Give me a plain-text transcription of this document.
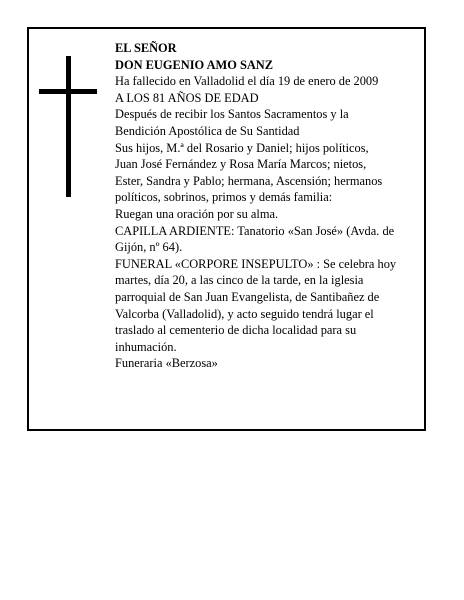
EL SEÑOR
DON EUGENIO AMO SANZ
Ha fallecido en Valladolid el día 19 de enero de 2009
A LOS 81 AÑOS DE EDAD
Después de recibir los Santos Sacramentos y la
Bendición Apostólica de Su Santidad
Sus hijos, M.ª del Rosario y Daniel; hijos políticos,
Juan José Fernández y Rosa María Marcos; nietos,
Ester, Sandra y Pablo; hermana, Ascensión; hermanos
políticos, sobrinos, primos y demás familia:
Ruegan una oración por su alma.
CAPILLA ARDIENTE: Tanatorio «San José» (Avda. de
Gijón, nº 64).
FUNERAL «CORPORE INSEPULTO» : Se celebra hoy
martes, día 20, a las cinco de la tarde, en la iglesia
parroquial de San Juan Evangelista, de Santibañez de
Valcorba (Valladolid), y acto seguido tendrá lugar el
traslado al cementerio de dicha localidad para su
inhumación.
Funeraria «Berzosa»
